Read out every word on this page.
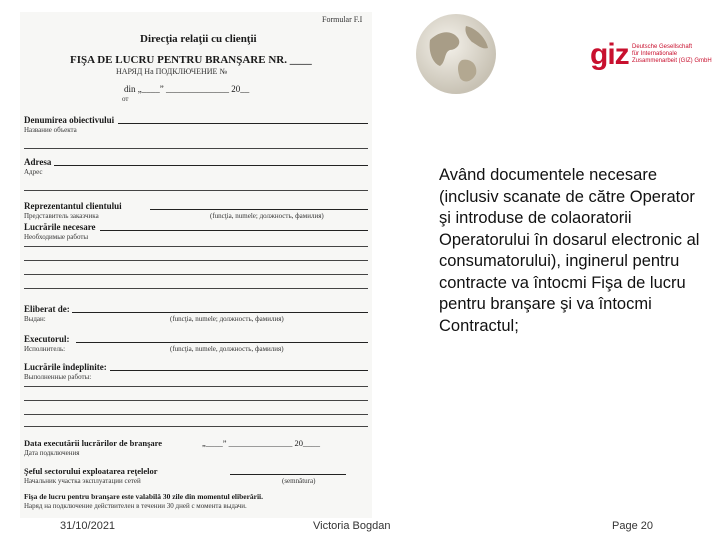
Formular F.I
Direcţia relaţii cu clienţii
FIŞA DE LUCRU PENTRU BRANŞARE NR. ____
НАРЯД На ПОДКЛЮЧЕНИЕ №
din „____” ______________ 20__
от
Denumirea obiectivului
Название объекта
Adresa
Адрес
Reprezentantul clientului
Представитель заказчика	(funcţia, numele; должность, фамилия)
Lucrările necesare
Необходимые работы
Eliberat de:
Выдан:	(funcţia, numele; должность, фамилия)
Executorul:
Исполнитель:	(funcţia, numele, должность, фамилия)
Lucrările îndeplinite:
Выполненные работы:
Data executării lucrărilor de branşare	„____” _______________ 20____
Дата подключения
Şeful sectorului exploatarea reţelelor
Начальник участка эксплуатации сетей	(semnătura)
Fişa de lucru pentru branşare este valabilă 30 zile din momentul eliberării.
Наряд на подключение действителен в течении 30 дней с момента выдачи.
giz Deutsche Gesellschaft
für Internationale
Zusammenarbeit (GIZ) GmbH
Având documentele necesare (inclusiv scanate de către Operator şi introduse de colaoratorii Operatorului în dosarul electronic al consumatorului), inginerul pentru contracte va întocmi Fişa de lucru pentru branşare şi va întocmi Contractul;
31/10/2021	Victoria Bogdan	Page 20
